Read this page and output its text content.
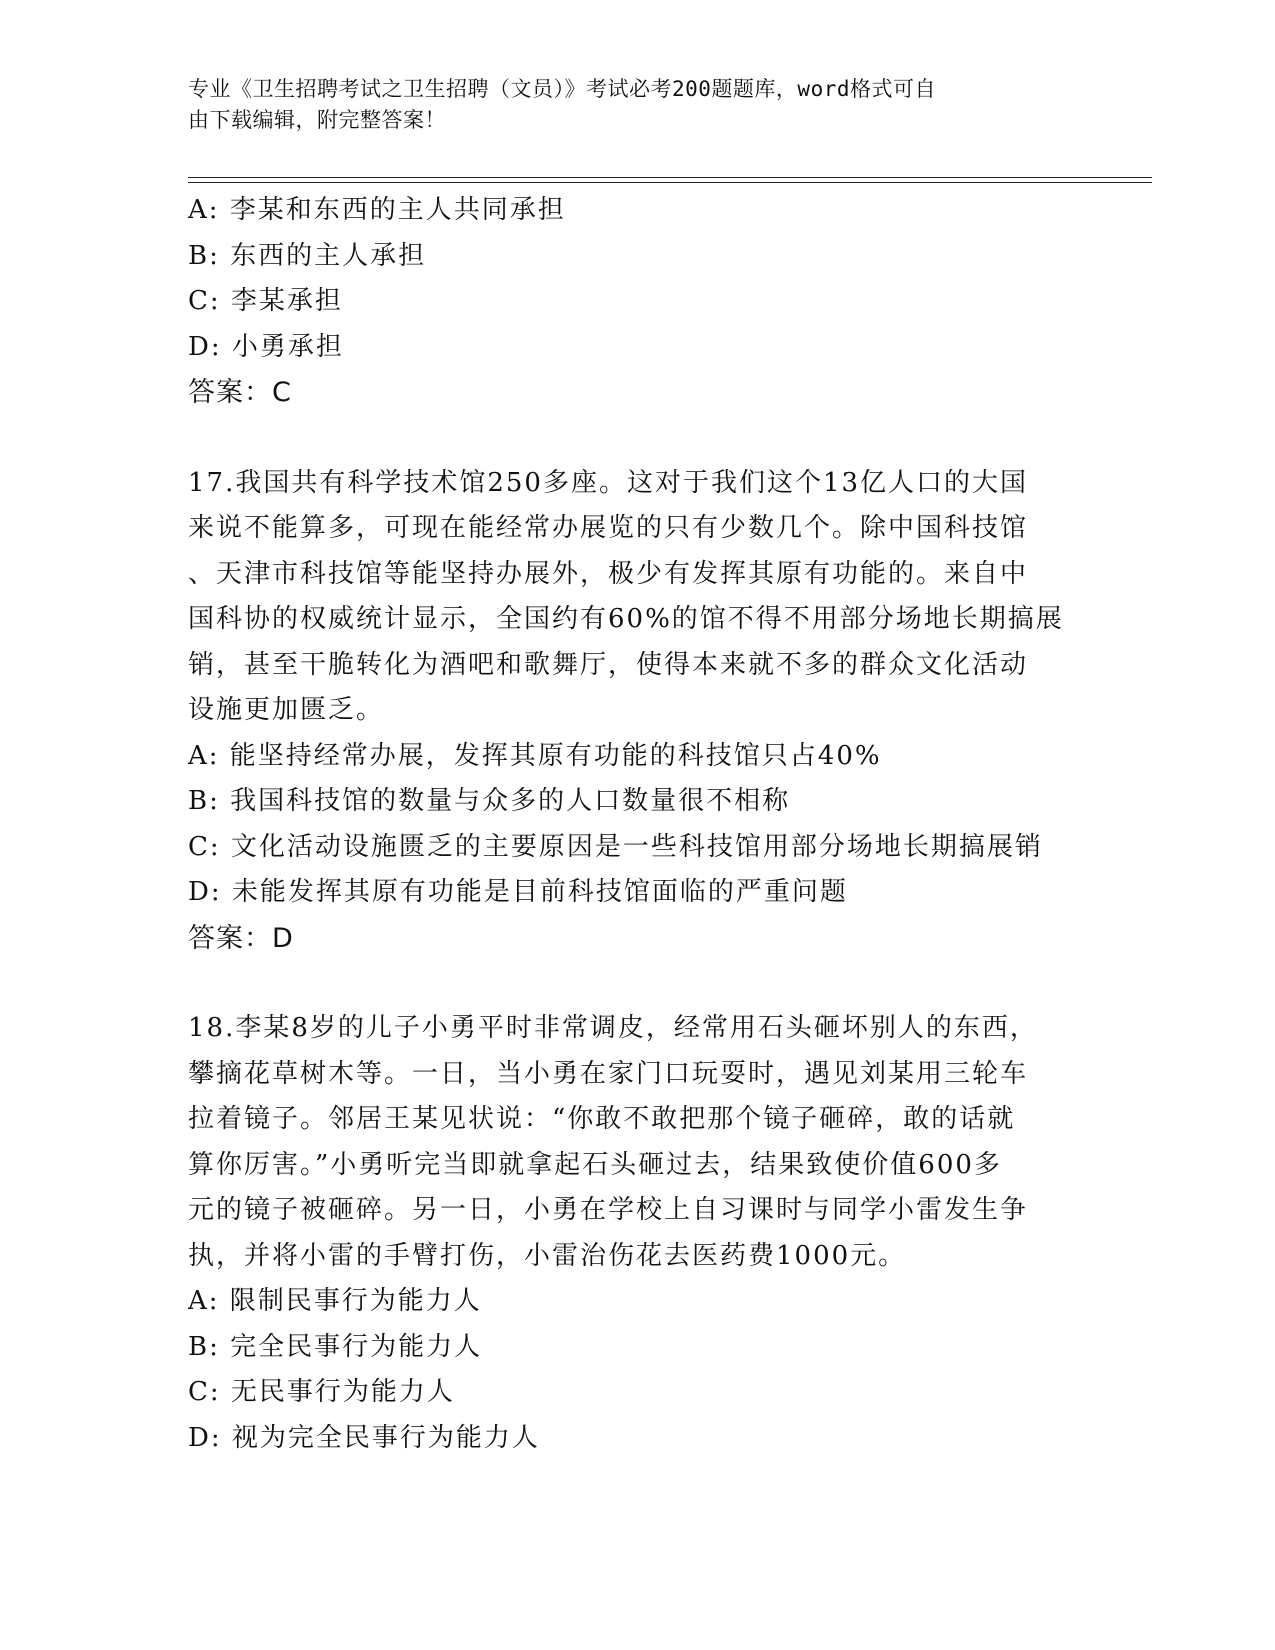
专业《卫生招聘考试之卫生招聘（文员）》考试必考200题题库，word格式可自
由下载编辑，附完整答案！
A: 李某和东西的主人共同承担
B: 东西的主人承担
C: 李某承担
D: 小勇承担
答案：C
17.我国共有科学技术馆250多座。这对于我们这个13亿人口的大国
来说不能算多，可现在能经常办展览的只有少数几个。除中国科技馆
、天津市科技馆等能坚持办展外，极少有发挥其原有功能的。来自中
国科协的权威统计显示，全国约有60%的馆不得不用部分场地长期搞展
销，甚至干脆转化为酒吧和歌舞厅，使得本来就不多的群众文化活动
设施更加匮乏。
A: 能坚持经常办展，发挥其原有功能的科技馆只占40%
B: 我国科技馆的数量与众多的人口数量很不相称
C: 文化活动设施匮乏的主要原因是一些科技馆用部分场地长期搞展销
D: 未能发挥其原有功能是目前科技馆面临的严重问题
答案：D
18.李某8岁的儿子小勇平时非常调皮，经常用石头砸坏别人的东西，
攀摘花草树木等。一日，当小勇在家门口玩耍时，遇见刘某用三轮车
拉着镜子。邻居王某见状说：“你敢不敢把那个镜子砸碎，敢的话就
算你厉害。”小勇听完当即就拿起石头砸过去，结果致使价值600多
元的镜子被砸碎。另一日，小勇在学校上自习课时与同学小雷发生争
执，并将小雷的手臂打伤，小雷治伤花去医药费1000元。
A: 限制民事行为能力人
B: 完全民事行为能力人
C: 无民事行为能力人
D: 视为完全民事行为能力人
